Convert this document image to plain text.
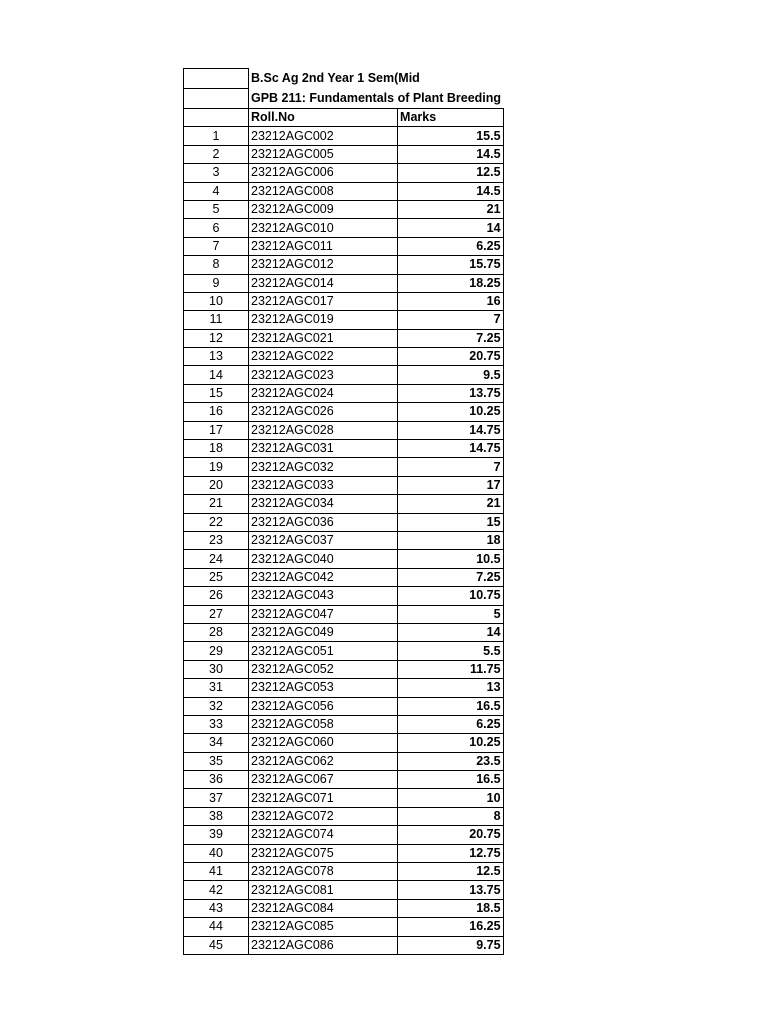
	B.Sc Ag 2nd Year 1 Sem(Mid	
	GPB 211: Fundamentals of Plant Breeding	
	Roll.No	Marks
1	23212AGC002	15.5
2	23212AGC005	14.5
3	23212AGC006	12.5
4	23212AGC008	14.5
5	23212AGC009	21
6	23212AGC010	14
7	23212AGC011	6.25
8	23212AGC012	15.75
9	23212AGC014	18.25
10	23212AGC017	16
11	23212AGC019	7
12	23212AGC021	7.25
13	23212AGC022	20.75
14	23212AGC023	9.5
15	23212AGC024	13.75
16	23212AGC026	10.25
17	23212AGC028	14.75
18	23212AGC031	14.75
19	23212AGC032	7
20	23212AGC033	17
21	23212AGC034	21
22	23212AGC036	15
23	23212AGC037	18
24	23212AGC040	10.5
25	23212AGC042	7.25
26	23212AGC043	10.75
27	23212AGC047	5
28	23212AGC049	14
29	23212AGC051	5.5
30	23212AGC052	11.75
31	23212AGC053	13
32	23212AGC056	16.5
33	23212AGC058	6.25
34	23212AGC060	10.25
35	23212AGC062	23.5
36	23212AGC067	16.5
37	23212AGC071	10
38	23212AGC072	8
39	23212AGC074	20.75
40	23212AGC075	12.75
41	23212AGC078	12.5
42	23212AGC081	13.75
43	23212AGC084	18.5
44	23212AGC085	16.25
45	23212AGC086	9.75
